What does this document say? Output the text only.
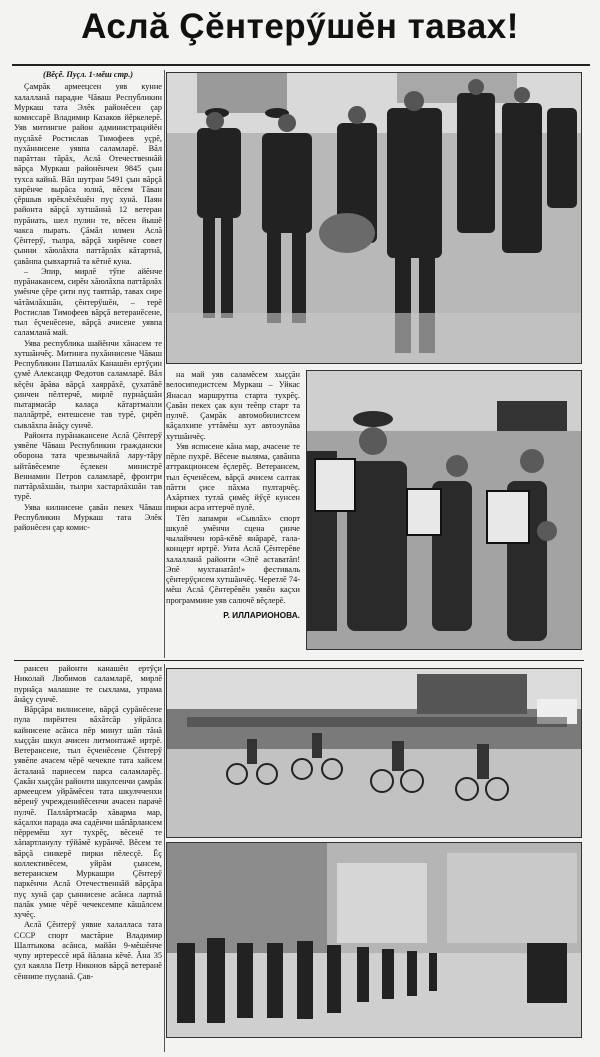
Аслă Çĕнтерӳшĕн тавах!

(Вĕçĕ. Пуçл. 1-мĕш стр.)

Çамрăк армеецсен уяв кунне халалланă парадне Чăваш Республикин Муркаш тата Элĕк районĕсен çар комиссарĕ Владимир Казаков йĕркелерĕ. Уяв митингне район администрацийĕн пуçлăхĕ Ростислав Тимофеев уçрĕ, пухăннисене уявпа саламларĕ. Вăл парăттан тăрăх, Аслă Отечественнăй вăрçа Муркаш районĕнчен 9845 çын тухса кайнă. Вăл шутран 5491 çын вăрçă хирĕнче вырăса юлнă, вĕсем Тăван çĕршыв ирĕклĕхĕшĕн пуç хунă. Паян районта вăрçă хутшăннă 12 ветеран пурăнать, шел пулин те, вĕсен йышĕ чакса пырать. Çăмăл илмен Аслă Çĕнтерӳ, тылра, вăрçă хирĕнче совет çынни хăюлăхпа паттăрлăх кăтартнă, çавăнпа çывхартнă та кĕтнĕ куна.

– Эпир, мирлĕ тӳпе айĕнче пурăнакансем, сирĕн хăюлăхпа паттăрлăх умĕнче çĕре çити пуç таятпăр, тавах сире чăтăмлăхшăн, çĕнтерӳшĕн, – терĕ Ростислав Тимофеев вăрçă ветеранĕсене, тыл ĕçченĕсене, вăрçă ачисене уявпа саламланă май.

Уява республика шайĕнчи хăнасем те хутшăнчĕç. Митинга пухăннисене Чăваш Республикин Патшалăх Канашĕн ертӳçин çумĕ Александр Федотов саламларĕ. Вăл кĕçĕн ăрăва вăрçă хаяррăхĕ, çухатăвĕ çинчен пĕлтерчĕ, мирлĕ пурнăçшăн пытармасăр калаçа кăтартмалли паллăртрĕ, ентешсене тав турĕ, çирĕп сывлăхпа ăнăçу сунчĕ.

Районта пурăнакансене Аслă Çĕнтерӳ уявĕпе Чăваш Республикин граждански оборона тата чрезвычайлă лару-тăру ыйтăвĕсемпе ĕçлекен министрĕ Вениамин Петров саламларĕ, фронтри паттăрлăхшăн, тылри хастарлăхшăн тав турĕ.

Уява килнисене çавăн пекех Чăваш Республикин Муркаш тата Элĕк районĕсен çар комис-

на май уяв саламĕсем хыççăн велосипедистсем Муркаш – Уйкас Янасал маршрутпа старта тухрĕç. Çавăн пекех çак кун теĕпр старт та пулчĕ. Çамрăк автомобилистсем кăçалхипе уттăмĕш хут автоэупăва хутшăнчĕç.

Уяв ясписене кăна мар, ачасене те пĕрле пухрĕ. Вĕсене выляма, çавăнпа аттракционсем ĕçлерĕç. Ветерансем, тыл ĕçченĕсем, вăрçă ачисем салтак пăтти çисе пăхма пултарчĕç. Ахăртнех тутлă çимĕç йӳçĕ кунсен пирки асра иттерчĕ пулĕ.

Тĕп лапамри «Сывлăх» спорт шкулĕ умĕнчи сцена çинче чылайччен юрă-кĕвĕ янăрарĕ, гала-концерт иртрĕ. Унта Аслă Çĕнтерĕве халалланă районти «Эпĕ аставатăп! Эпĕ мухтанатăп!» фестиваль çĕнтерӳçисем хутшăнчĕç. Черетлĕ 74-мĕш Аслă Çĕнтерĕвĕн уявĕн каçхи программине уяв салючĕ вĕçлерĕ.

Р. ИЛЛАРИОНОВА.

рансен районти канашĕн ертӳçи Николай Любимов саламларĕ, мирлĕ пурнăçа малашне те сыхлама, упрама ăнăçу сунчĕ.

Вăрçăра вилнисене, вăрçă сурăнĕсене пула пирĕнтен вăхăтсăр уйрăлса кайнисене асăнса пĕр минут шăп тăнă хыççăн шкул ачисен литмонтажĕ иртрĕ. Ветерансене, тыл ĕçченĕсене Çĕнтерӳ уявĕпе ачасем чĕрĕ чечекпе тата хайсем ăсталанă парнесем парса саламларĕç. Çакăн хыççăн районти шкулсенчи çамрăк армеецсем уйрăмĕсен тата шкулчченхи вĕренӳ учрежденийĕсенчи ачасен парачĕ пулчĕ. Паллăртмасăр хăварма мар, кăçалхи парада ача садĕнчи шăпăрлансем пĕрремĕш хут тухрĕç, вĕсенĕ те хăпартланулу тӳйăмĕ курăнчĕ. Вĕсем те вăрçă синкерĕ пирки пĕлесçĕ. Ĕç коллективĕсем, уйрăм çынсем, ветеранскем Муркашри Çĕнтерӳ паркĕнчи Аслă Отечественнăй вăрçăра пуç хунă çар çыннисене асăнса лартнă палăк умне чĕрĕ чечексемпе кăшăлсем хучĕç.

Аслă Çĕнтерӳ уявне халалласа тата СССР спорт мастăрне Владимир Шалтыкова асăнса, майăн 9-мĕшĕнче чупу иртерессĕ ирă йăлана кĕчĕ. Ăна 35 çул каялла Петр Никонов вăрçă ветеранĕ сĕннипе пуçланă. Çав-
